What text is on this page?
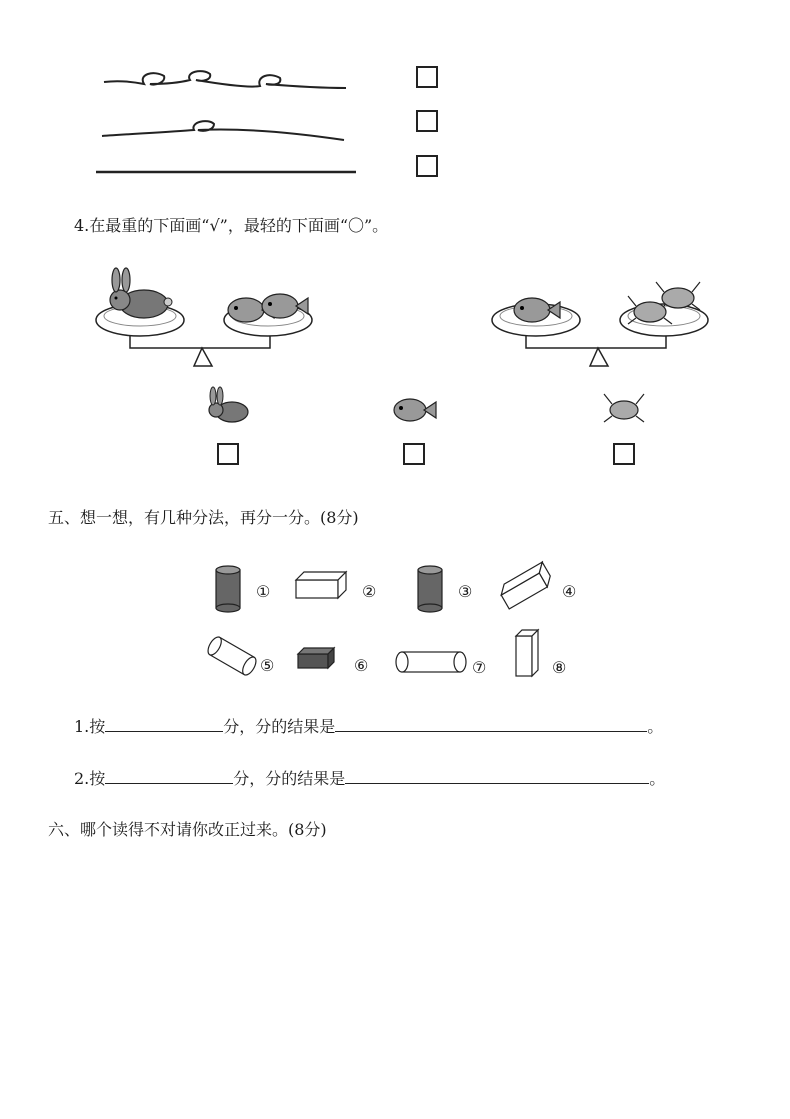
4.在最重的下面画“√”，最轻的下面画“〇”。
五、想一想，有几种分法，再分一分。(8分)
①	②	③	④
⑤	⑥	⑦	⑧
1.按	分，分的结果是	。
2.按	分，分的结果是	。
六、哪个读得不对请你改正过来。(8分)
